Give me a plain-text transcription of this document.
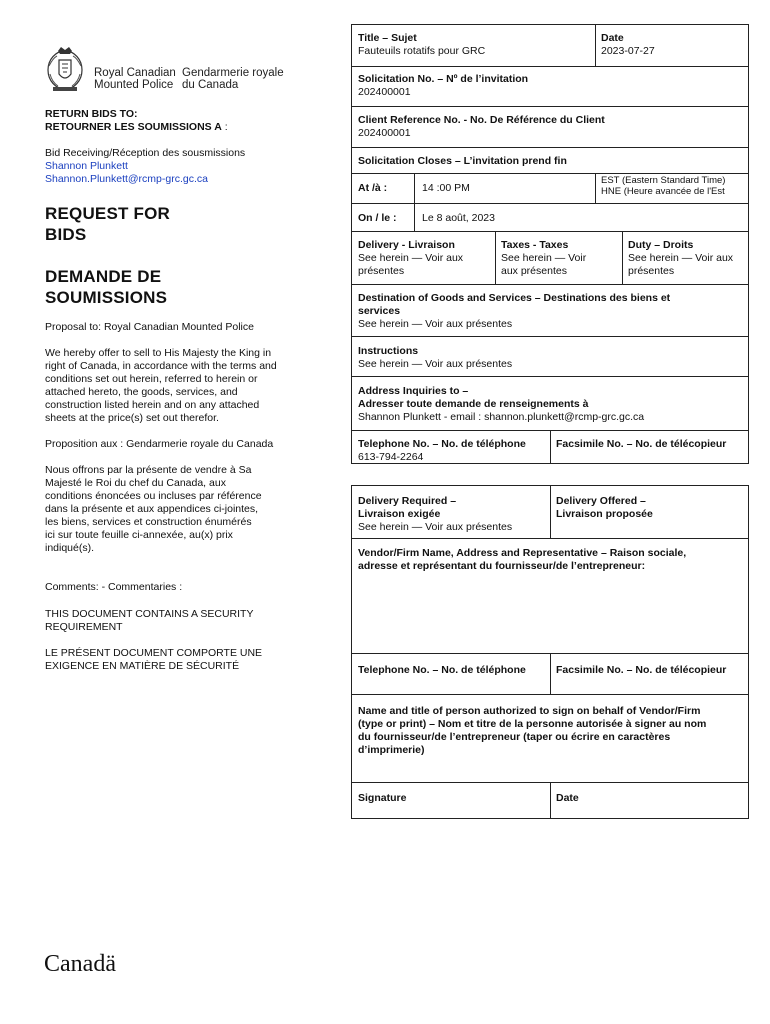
Royal Canadian
Mounted Police
Gendarmerie royale
du Canada
RETURN BIDS TO:
RETOURNER LES SOUMISSIONS A :
Bid Receiving/Réception des sousmissions
Shannon Plunkett
Shannon.Plunkett@rcmp-grc.gc.ca
REQUEST FOR
BIDS
DEMANDE DE
SOUMISSIONS
Proposal to: Royal Canadian Mounted Police
We hereby offer to sell to His Majesty the King in
right of Canada, in accordance with the terms and
conditions set out herein, referred to herein or
attached hereto, the goods, services, and
construction listed herein and on any attached
sheets at the price(s) set out therefor.
Proposition aux : Gendarmerie royale du Canada
Nous offrons par la présente de vendre à Sa
Majesté le Roi du chef du Canada, aux
conditions énoncées ou incluses par référence
dans la présente et aux appendices ci-jointes,
les biens, services et construction énumérés
ici sur toute feuille ci-annexée, au(x) prix
indiqué(s).
Comments: - Commentaries :
THIS DOCUMENT CONTAINS A SECURITY
REQUIREMENT
LE PRÉSENT DOCUMENT COMPORTE UNE
EXIGENCE EN MATIÈRE DE SÉCURITÉ
Canadä
Title – Sujet
Fauteuils rotatifs pour GRC
Date
2023-07-27
Solicitation No. – Nº de l’invitation
202400001
Client Reference No. - No. De Référence du Client
202400001
Solicitation Closes – L’invitation prend fin
At /à :	14 :00 PM
EST (Eastern Standard Time)
HNE (Heure avancée de l'Est
On / le :	Le 8 août, 2023
Delivery - Livraison
See herein — Voir aux
présentes
Taxes - Taxes
See herein — Voir
aux présentes
Duty – Droits
See herein — Voir aux
présentes
Destination of Goods and Services – Destinations des biens et
services
See herein — Voir aux présentes
Instructions
See herein — Voir aux présentes
Address Inquiries to –
Adresser toute demande de renseignements à
Shannon Plunkett - email : shannon.plunkett@rcmp-grc.gc.ca
Telephone No. – No. de téléphone
613-794-2264
Facsimile No. – No. de télécopieur
Delivery Required –
Livraison exigée
See herein — Voir aux présentes
Delivery Offered –
Livraison proposée
Vendor/Firm Name, Address and Representative – Raison sociale,
adresse et représentant du fournisseur/de l’entrepreneur:
Telephone No. – No. de téléphone	Facsimile No. – No. de télécopieur
Name and title of person authorized to sign on behalf of Vendor/Firm
(type or print) – Nom et titre de la personne autorisée à signer au nom
du fournisseur/de l’entrepreneur (taper ou écrire en caractères
d’imprimerie)
Signature	Date
